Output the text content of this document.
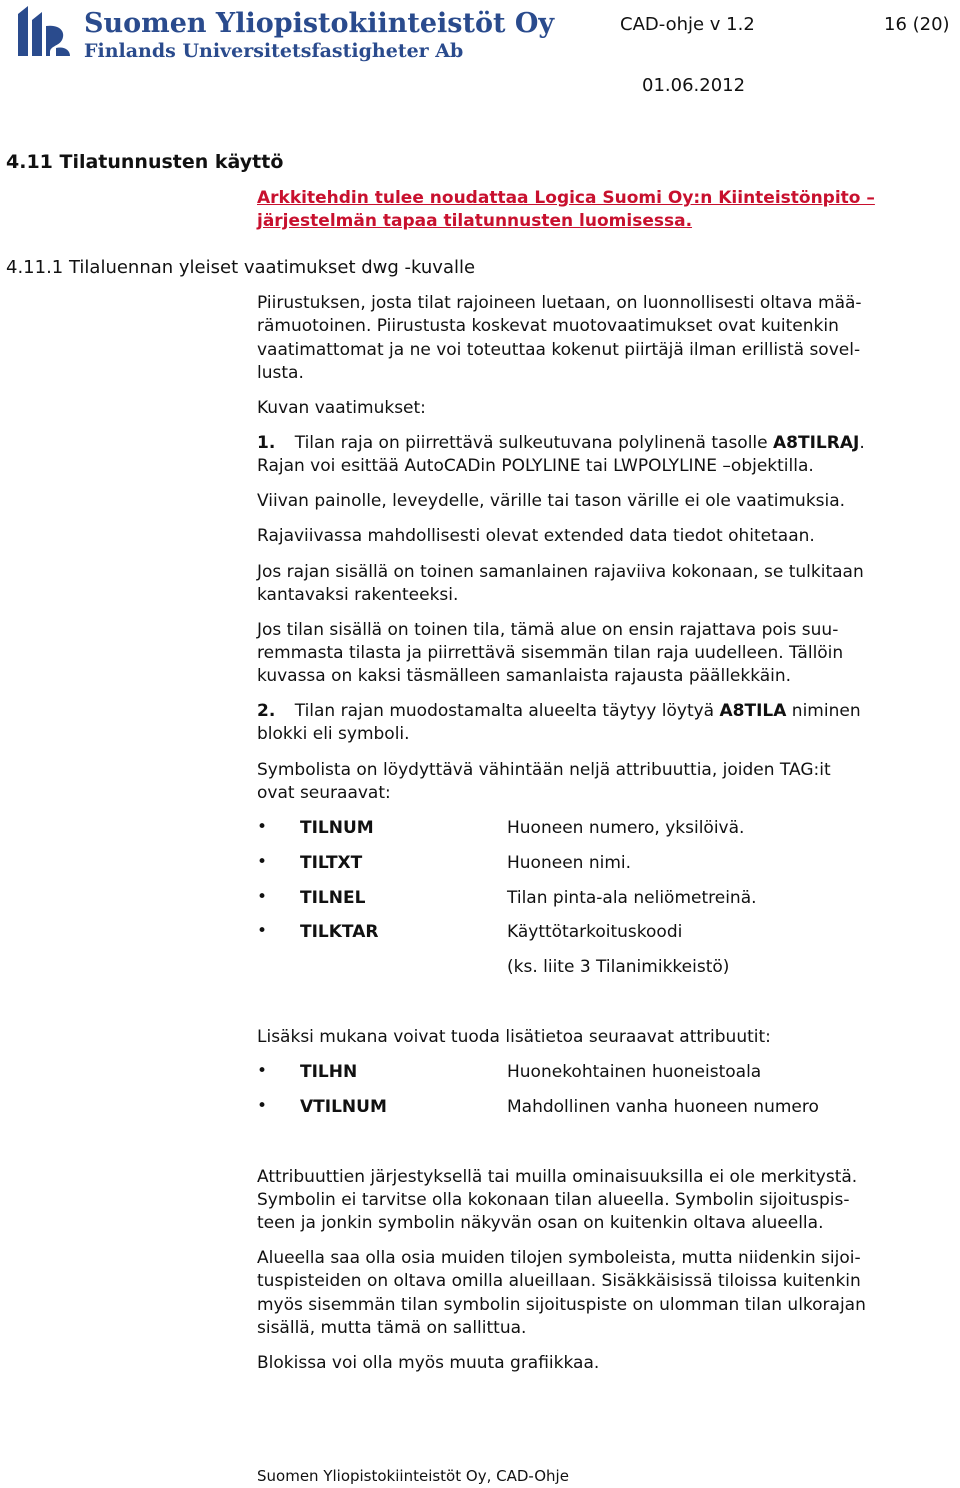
Suomen Yliopistokiinteistöt Oy
Finlands Universitetsfastigheter Ab
CAD-ohje v 1.2	16 (20)
01.06.2012
4.11 Tilatunnusten käyttö
Arkkitehdin tulee noudattaa Logica Suomi Oy:n Kiinteistönpito –
järjestelmän tapaa tilatunnusten luomisessa.
4.11.1 Tilaluennan yleiset vaatimukset dwg -kuvalle
Piirustuksen, josta tilat rajoineen luetaan, on luonnollisesti oltava mää-
rämuotoinen. Piirustusta koskevat muotovaatimukset ovat kuitenkin
vaatimattomat ja ne voi toteuttaa kokenut piirtäjä ilman erillistä sovel-
lusta.
Kuvan vaatimukset:
1. Tilan raja on piirrettävä sulkeutuvana polylinenä tasolle A8TILRAJ.
Rajan voi esittää AutoCADin POLYLINE tai LWPOLYLINE –objektilla.
Viivan painolle, leveydelle, värille tai tason värille ei ole vaatimuksia.
Rajaviivassa mahdollisesti olevat extended data tiedot ohitetaan.
Jos rajan sisällä on toinen samanlainen rajaviiva kokonaan, se tulkitaan
kantavaksi rakenteeksi.
Jos tilan sisällä on toinen tila, tämä alue on ensin rajattava pois suu-
remmasta tilasta ja piirrettävä sisemmän tilan raja uudelleen. Tällöin
kuvassa on kaksi täsmälleen samanlaista rajausta päällekkäin.
2. Tilan rajan muodostamalta alueelta täytyy löytyä A8TILA niminen
blokki eli symboli.
Symbolista on löydyttävä vähintään neljä attribuuttia, joiden TAG:it
ovat seuraavat:
• TILNUM	Huoneen numero, yksilöivä.
• TILTXT	Huoneen nimi.
• TILNEL	Tilan pinta-ala neliömetreinä.
• TILKTAR	Käyttötarkoituskoodi
(ks. liite 3 Tilanimikkeistö)
Lisäksi mukana voivat tuoda lisätietoa seuraavat attribuutit:
• TILHN	Huonekohtainen huoneistoala
• VTILNUM	Mahdollinen vanha huoneen numero
Attribuuttien järjestyksellä tai muilla ominaisuuksilla ei ole merkitystä.
Symbolin ei tarvitse olla kokonaan tilan alueella. Symbolin sijoituspis-
teen ja jonkin symbolin näkyvän osan on kuitenkin oltava alueella.
Alueella saa olla osia muiden tilojen symboleista, mutta niidenkin sijoi-
tuspisteiden on oltava omilla alueillaan. Sisäkkäisissä tiloissa kuitenkin
myös sisemmän tilan symbolin sijoituspiste on ulomman tilan ulkorajan
sisällä, mutta tämä on sallittua.
Blokissa voi olla myös muuta grafiikkaa.
Suomen Yliopistokiinteistöt Oy, CAD-Ohje
